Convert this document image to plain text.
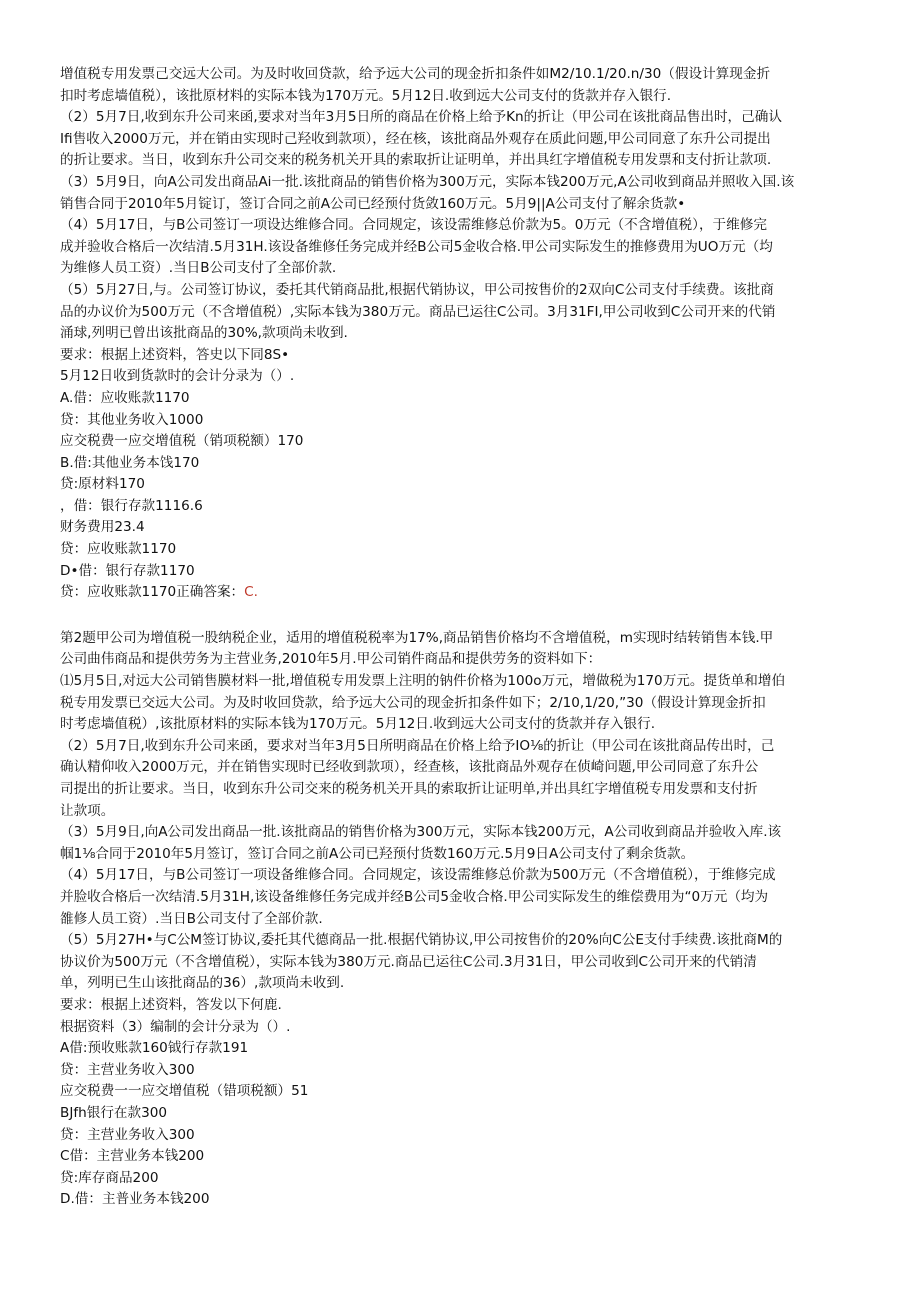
增值税专用发票己交远大公司。为及时收回贷款，给予远大公司的现金折扣条件如M2/10.1/20.n/30（假设计算现金折
扣时考虑墙值税），该批原材料的实际本钱为170万元。5月12日.收到远大公司支付的货款并存入银行.
（2）5月7日,收到东升公司来函,要求对当年3月5日所的商品在价格上给予Kn的折让（甲公司在该批商品售出时，己确认
Ifi售收入2000万元，并在销由实现时己羟收到款项），经在核，该批商品外观存在质此问题,甲公司同意了东升公司提出
的折让要求。当日，收到东升公司交来的税务机关开具的索取折让证明单，并出具红字增值税专用发票和支付折让款项.
（3）5月9日，向A公司发出商品Ai一批.该批商品的销售价格为300万元，实际本钱200万元,A公司收到商品并照收入国.该
销售合同于2010年5月锭订，签订合同之前A公司已经预付货敛160万元。5月9||A公司支付了解余货款•
（4）5月17日，与B公司签订一项设达维修合同。合同规定，该设需维修总价款为5。0万元（不含增值税），于维修完
成并验收合格后一次结清.5月31H.该设备维修任务完成并经B公司5金收合格.甲公司实际发生的推修费用为UO万元（均
为维修人员工资）.当日B公司支付了全部价款.
（5）5月27日,与。公司签订协议，委托其代销商品批,根据代销协议，甲公司按售价的2双向C公司支付手续费。该批商
品的办议价为500万元（不含增值税）,实际本钱为380万元。商品已运往C公司。3月31FI,甲公司收到C公司开来的代销
涌球,列明已曾出该批商品的30%,款项尚未收到.
要求：根据上述资料，答史以下同8S•
5月12日收到货款时的会计分录为（）.
A.借：应收账款1170
贷：其他业务收入1000
应交税费一应交增值税（销项税额）170
B.借:其他业务本饯170
贷:原材料170
，借：银行存款1116.6
财务费用23.4
贷：应收账款1170
D•借：银行存款1170
贷：应收账款1170正确答案：C.
第2题甲公司为增值税一股纳税企业，适用的增值税税率为17%,商品销售价格均不含增值税，m实现时结转销售本钱.甲
公司曲伟商品和提供劳务为主营业务,2010年5月.甲公司销件商品和提供劳务的资料如下：
⑴5月5日,对远大公司销售膜材料一批,增值税专用发票上注明的钠件价格为100o万元，增做税为170万元。提货单和增伯
税专用发票已交远大公司。为及时收回贷款，给予远大公司的现金折扣条件如下；2/10,1/20,”30（假设计算现金折扣
时考虑墙值税）,该批原材料的实际本钱为170万元。5月12日.收到远大公司支付的货款并存入银行.
（2）5月7日,收到东升公司来函，要求对当年3月5日所明商品在价格上给予IO⅛的折让（甲公司在该批商品传出时，己
确认精仰收入2000万元，并在销售实现时已经收到款项），经查核，该批商品外观存在侦崎问题,甲公司同意了东升公
司提出的折让要求。当日，收到东升公司交来的税务机关开具的索取折让证明单,并出具红字增值税专用发票和支付折
让款项。
（3）5月9日,向A公司发出商品一批.该批商品的销售价格为300万元，实际本钱200万元，A公司收到商品并验收入库.该
帼1⅛合同于2010年5月签订，签订合同之前A公司已羟预付货数160万元.5月9日A公司支付了剩余货款。
（4）5月17日，与B公司签订一项设备维修合同。合同规定，该设需维修总价款为500万元（不含增值税），于维修完成
并脸收合格后一次结清.5月31H,该设备维修任务完成并经B公司5金收合格.甲公司实际发生的维偿费用为“0万元（均为
雒修人员工资）.当日B公司支付了全部价款.
（5）5月27H•与C公M签订协议,委托其代德商品一批.根据代销协议,甲公司按售价的20%向C公E支付手续费.该批商M的
协议价为500万元（不含增值税），实际本钱为380万元.商品已运往C公司.3月31日，甲公司收到C公司开来的代销清
单，列明已生山该批商品的36）,款项尚未收到.
要求：根据上述资料，答发以下何鹿.
根据资料（3）编制的会计分录为（）.
A借:预收账款160钺行存款191
贷：主营业务收入300
应交税费一一应交增值税（错项税额）51
BJfh银行在款300
贷：主营业务收入300
C借：主营业务本钱200
贷:库存商品200
D.借：主普业务本钱200
